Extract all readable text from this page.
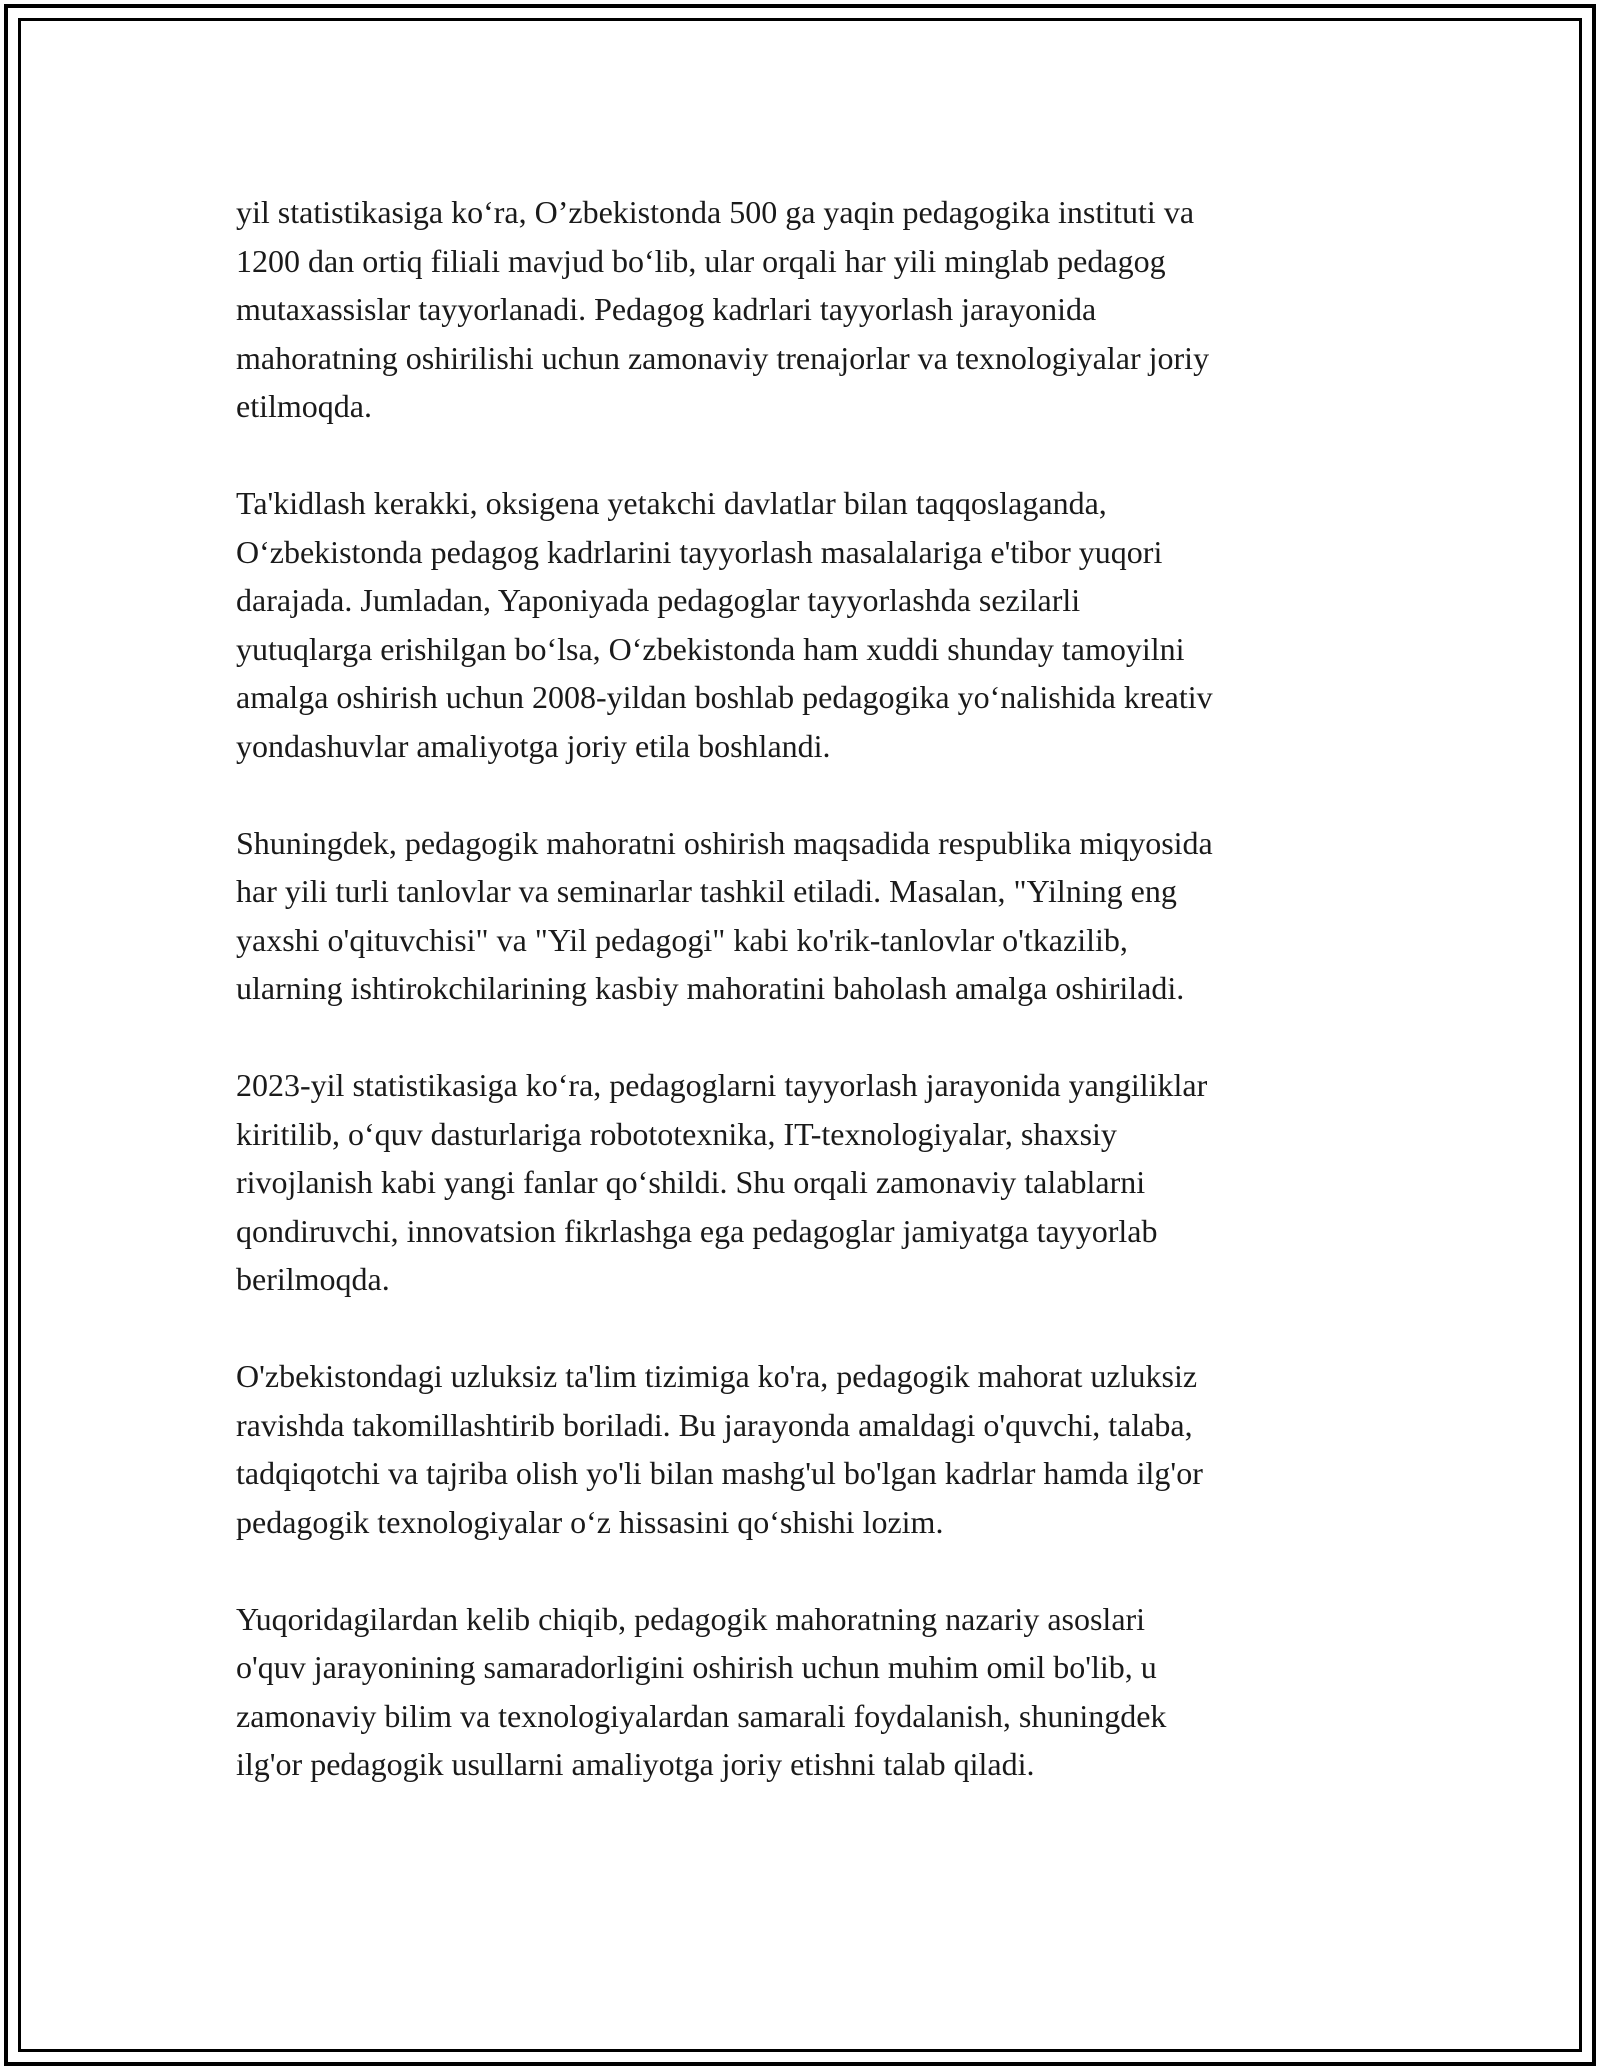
yil statistikasiga koʻra, O’zbekistonda 500 ga yaqin pedagogika instituti va
1200 dan ortiq filiali mavjud boʻlib, ular orqali har yili minglab pedagog
mutaxassislar tayyorlanadi. Pedagog kadrlari tayyorlash jarayonida
mahoratning oshirilishi uchun zamonaviy trenajorlar va texnologiyalar joriy
etilmoqda.

Ta'kidlash kerakki, oksigena yetakchi davlatlar bilan taqqoslaganda,
Oʻzbekistonda pedagog kadrlarini tayyorlash masalalariga e'tibor yuqori
darajada. Jumladan, Yaponiyada pedagoglar tayyorlashda sezilarli
yutuqlarga erishilgan boʻlsa, Oʻzbekistonda ham xuddi shunday tamoyilni
amalga oshirish uchun 2008-yildan boshlab pedagogika yoʻnalishida kreativ
yondashuvlar amaliyotga joriy etila boshlandi.

Shuningdek, pedagogik mahoratni oshirish maqsadida respublika miqyosida
har yili turli tanlovlar va seminarlar tashkil etiladi. Masalan, "Yilning eng
yaxshi o'qituvchisi" va "Yil pedagogi" kabi ko'rik-tanlovlar o'tkazilib,
ularning ishtirokchilarining kasbiy mahoratini baholash amalga oshiriladi.

2023-yil statistikasiga koʻra, pedagoglarni tayyorlash jarayonida yangiliklar
kiritilib, oʻquv dasturlariga robototexnika, IT-texnologiyalar, shaxsiy
rivojlanish kabi yangi fanlar qoʻshildi. Shu orqali zamonaviy talablarni
qondiruvchi, innovatsion fikrlashga ega pedagoglar jamiyatga tayyorlab
berilmoqda.

O'zbekistondagi uzluksiz ta'lim tizimiga ko'ra, pedagogik mahorat uzluksiz
ravishda takomillashtirib boriladi. Bu jarayonda amaldagi o'quvchi, talaba,
tadqiqotchi va tajriba olish yo'li bilan mashg'ul bo'lgan kadrlar hamda ilg'or
pedagogik texnologiyalar oʻz hissasini qoʻshishi lozim.

Yuqoridagilardan kelib chiqib, pedagogik mahoratning nazariy asoslari
o'quv jarayonining samaradorligini oshirish uchun muhim omil bo'lib, u
zamonaviy bilim va texnologiyalardan samarali foydalanish, shuningdek
ilg'or pedagogik usullarni amaliyotga joriy etishni talab qiladi.
